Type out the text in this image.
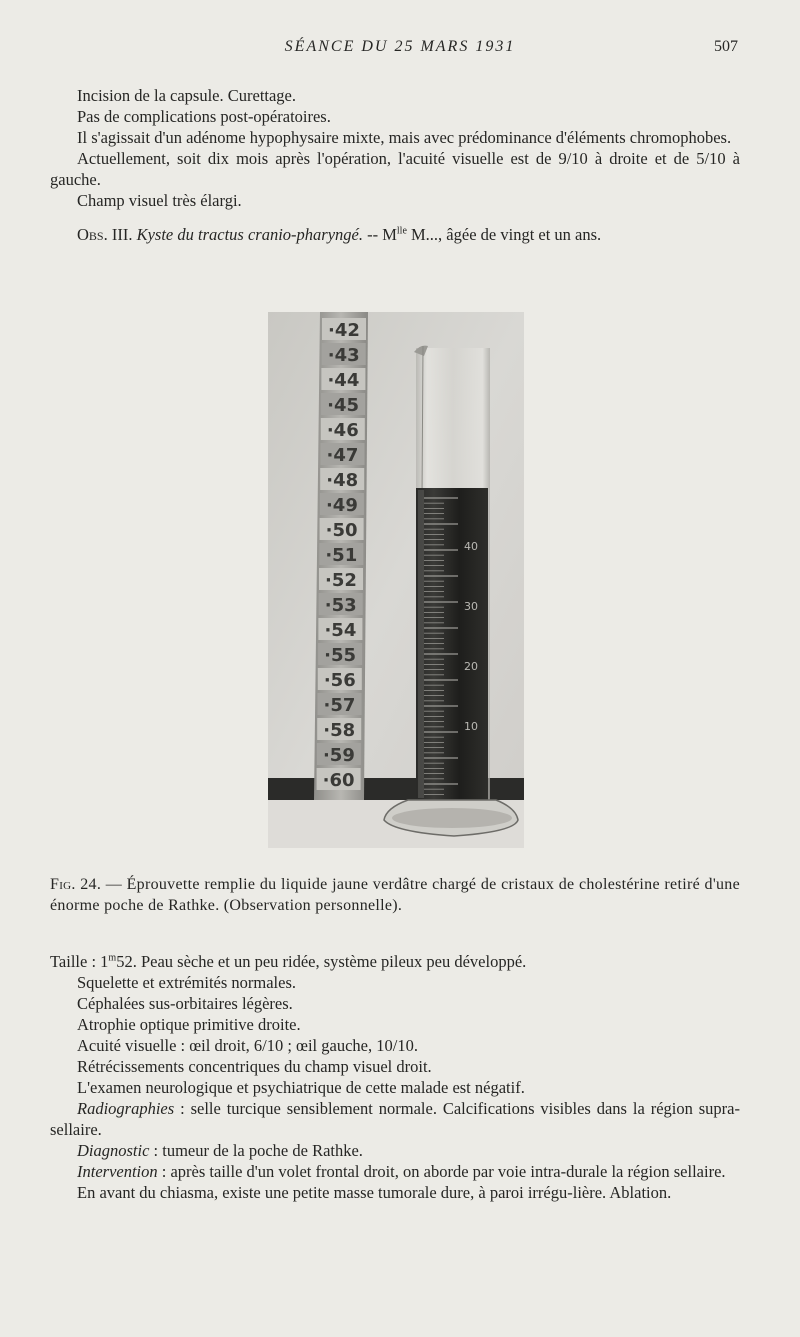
SÉANCE DU 25 MARS 1931	507

Incision de la capsule. Curettage.

Pas de complications post-opératoires.

Il s'agissait d'un adénome hypophysaire mixte, mais avec prédominance d'éléments chromophobes.

Actuellement, soit dix mois après l'opération, l'acuité visuelle est de 9/10 à droite et de 5/10 à gauche.

Champ visuel très élargi.

Obs. III. Kyste du tractus cranio-pharyngé. -- $M^{lle}$ M..., âgée de vingt et un ans.

·42
·43
·44
·45
·46
·47
·48
·49
·50
·51
·52
·53
·54
·55
·56
·57
·58
·59
·60
40
30
20
10

Fig. 24. — Éprouvette remplie du liquide jaune verdâtre chargé de cristaux de cholestérine retiré d'une énorme poche de Rathke. (Observation personnelle).

Taille : 1$^m$52. Peau sèche et un peu ridée, système pileux peu développé.

Squelette et extrémités normales.

Céphalées sus-orbitaires légères.

Atrophie optique primitive droite.

Acuité visuelle : œil droit, 6/10 ; œil gauche, 10/10.

Rétrécissements concentriques du champ visuel droit.

L'examen neurologique et psychiatrique de cette malade est négatif.

Radiographies : selle turcique sensiblement normale. Calcifications visibles dans la région supra-sellaire.

Diagnostic : tumeur de la poche de Rathke.

Intervention : après taille d'un volet frontal droit, on aborde par voie intra-durale la région sellaire.

En avant du chiasma, existe une petite masse tumorale dure, à paroi irrégu-lière. Ablation.
